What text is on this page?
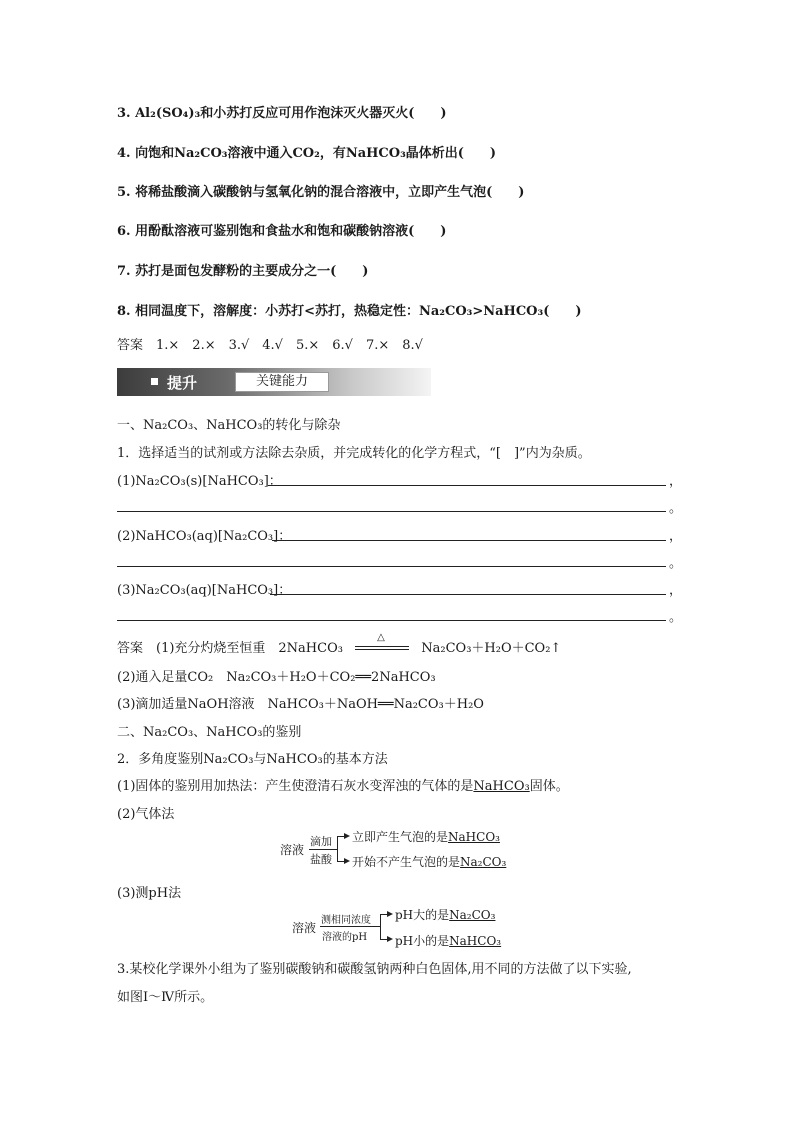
3. Al₂(SO₄)₃和小苏打反应可用作泡沫灭火器灭火(　　)
4. 向饱和Na₂CO₃溶液中通入CO₂，有NaHCO₃晶体析出(　　)
5. 将稀盐酸滴入碳酸钠与氢氧化钠的混合溶液中，立即产生气泡(　　)
6. 用酚酞溶液可鉴别饱和食盐水和饱和碳酸钠溶液(　　)
7. 苏打是面包发酵粉的主要成分之一(　　)
8. 相同温度下，溶解度：小苏打<苏打，热稳定性：Na₂CO₃>NaHCO₃(　　)
答案　1.×　2.×　3.√　4.√　5.×　6.√　7.×　8.√
提升	关键能力
一、Na₂CO₃、NaHCO₃的转化与除杂
1．选择适当的试剂或方法除去杂质，并完成转化的化学方程式，“[　]”内为杂质。
(1)Na₂CO₃(s)[NaHCO₃]：	，
。
(2)NaHCO₃(aq)[Na₂CO₃]：	，
。
(3)Na₂CO₃(aq)[NaHCO₃]：	，
。
答案　(1)充分灼烧至恒重　2NaHCO₃
△
Na₂CO₃＋H₂O＋CO₂↑
(2)通入足量CO₂　Na₂CO₃＋H₂O＋CO₂══2NaHCO₃
(3)滴加适量NaOH溶液　NaHCO₃＋NaOH══Na₂CO₃＋H₂O
二、Na₂CO₃、NaHCO₃的鉴别
2．多角度鉴别Na₂CO₃与NaHCO₃的基本方法
(1)固体的鉴别用加热法：产生使澄清石灰水变浑浊的气体的是NaHCO₃固体。
(2)气体法
溶液
滴加
盐酸
立即产生气泡的是NaHCO₃
开始不产生气泡的是Na₂CO₃
(3)测pH法
溶液
测相同浓度
溶液的pH
pH大的是Na₂CO₃
pH小的是NaHCO₃
3.某校化学课外小组为了鉴别碳酸钠和碳酸氢钠两种白色固体,用不同的方法做了以下实验,
如图Ⅰ～Ⅳ所示。
